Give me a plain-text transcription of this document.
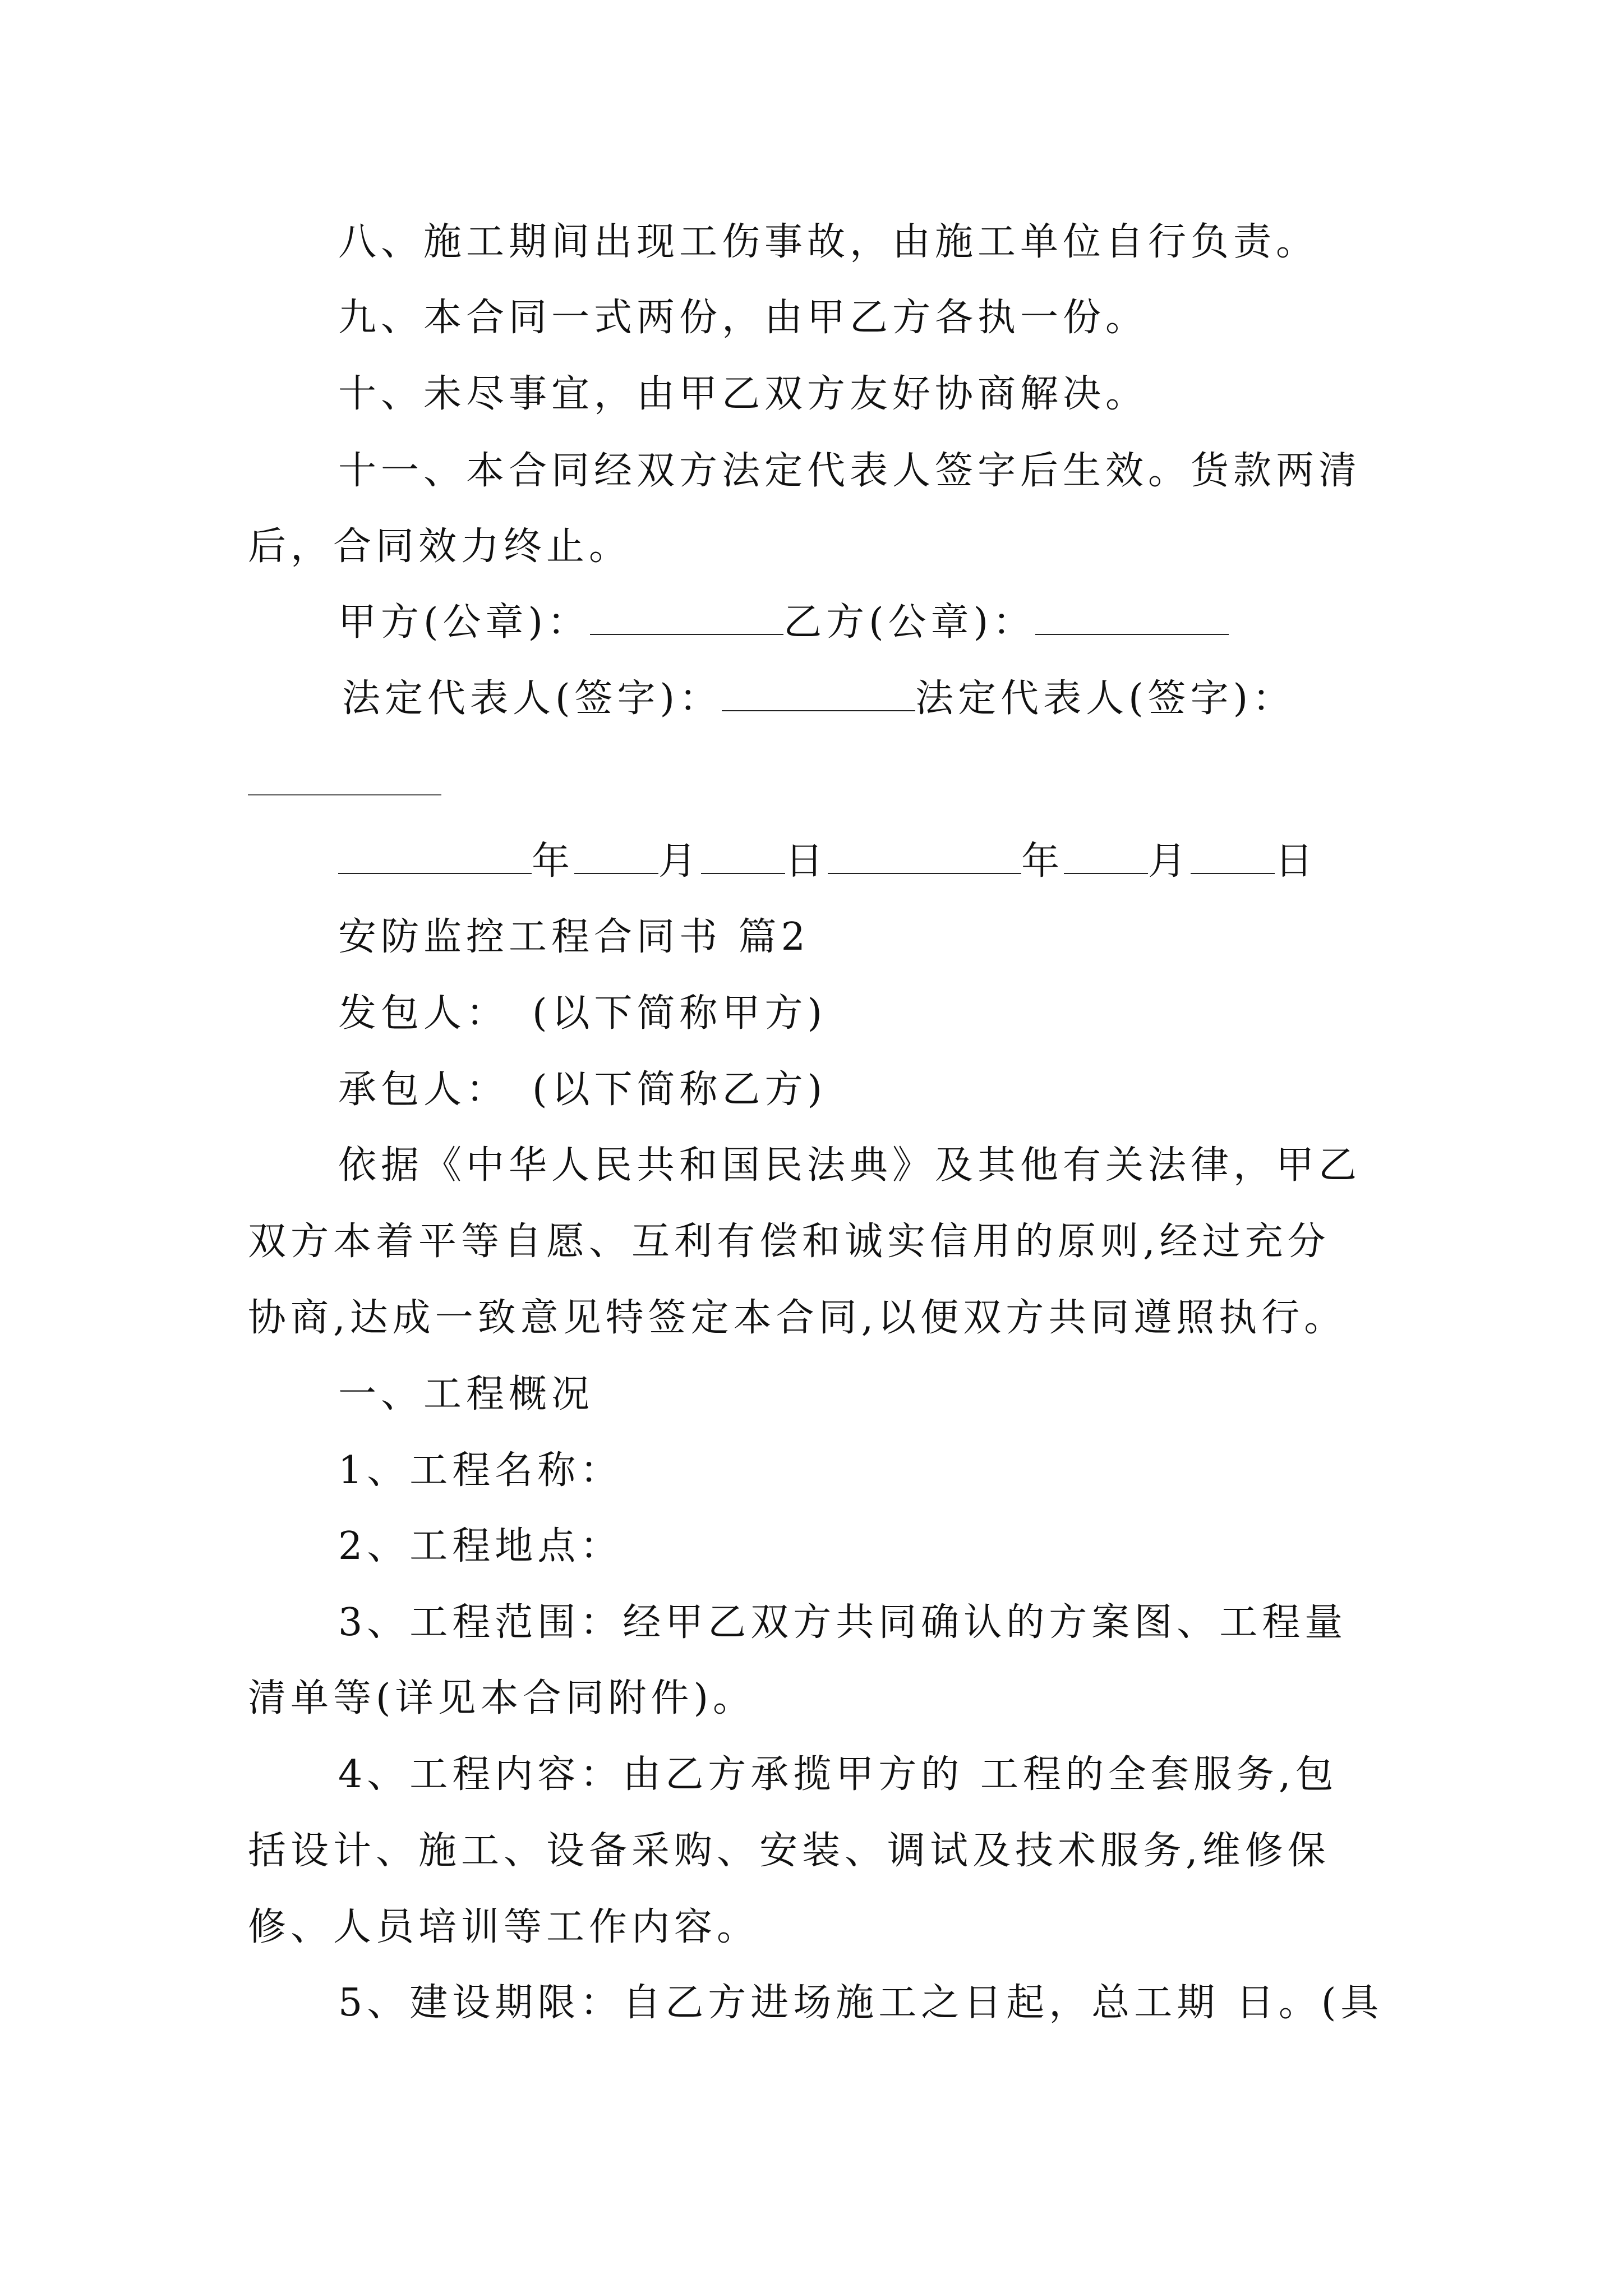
八、施工期间出现工伤事故，由施工单位自行负责。

九、本合同一式两份，由甲乙方各执一份。

十、未尽事宜，由甲乙双方友好协商解决。

十一、本合同经双方法定代表人签字后生效。货款两清

后，合同效力终止。

甲方(公章)：	乙方(公章)：

法定代表人(签字)：	法定代表人(签字)：

年 月 日	年 月 日

安防监控工程合同书 篇2

发包人：　(以下简称甲方)

承包人：　(以下简称乙方)

依据《中华人民共和国民法典》及其他有关法律，甲乙

双方本着平等自愿、互利有偿和诚实信用的原则,经过充分

协商,达成一致意见特签定本合同,以便双方共同遵照执行。

一、工程概况

1、工程名称：

2、工程地点：

3、工程范围：经甲乙双方共同确认的方案图、工程量

清单等(详见本合同附件)。

4、工程内容：由乙方承揽甲方的 工程的全套服务,包

括设计、施工、设备采购、安装、调试及技术服务,维修保

修、人员培训等工作内容。

5、建设期限：自乙方进场施工之日起，总工期 日。(具
